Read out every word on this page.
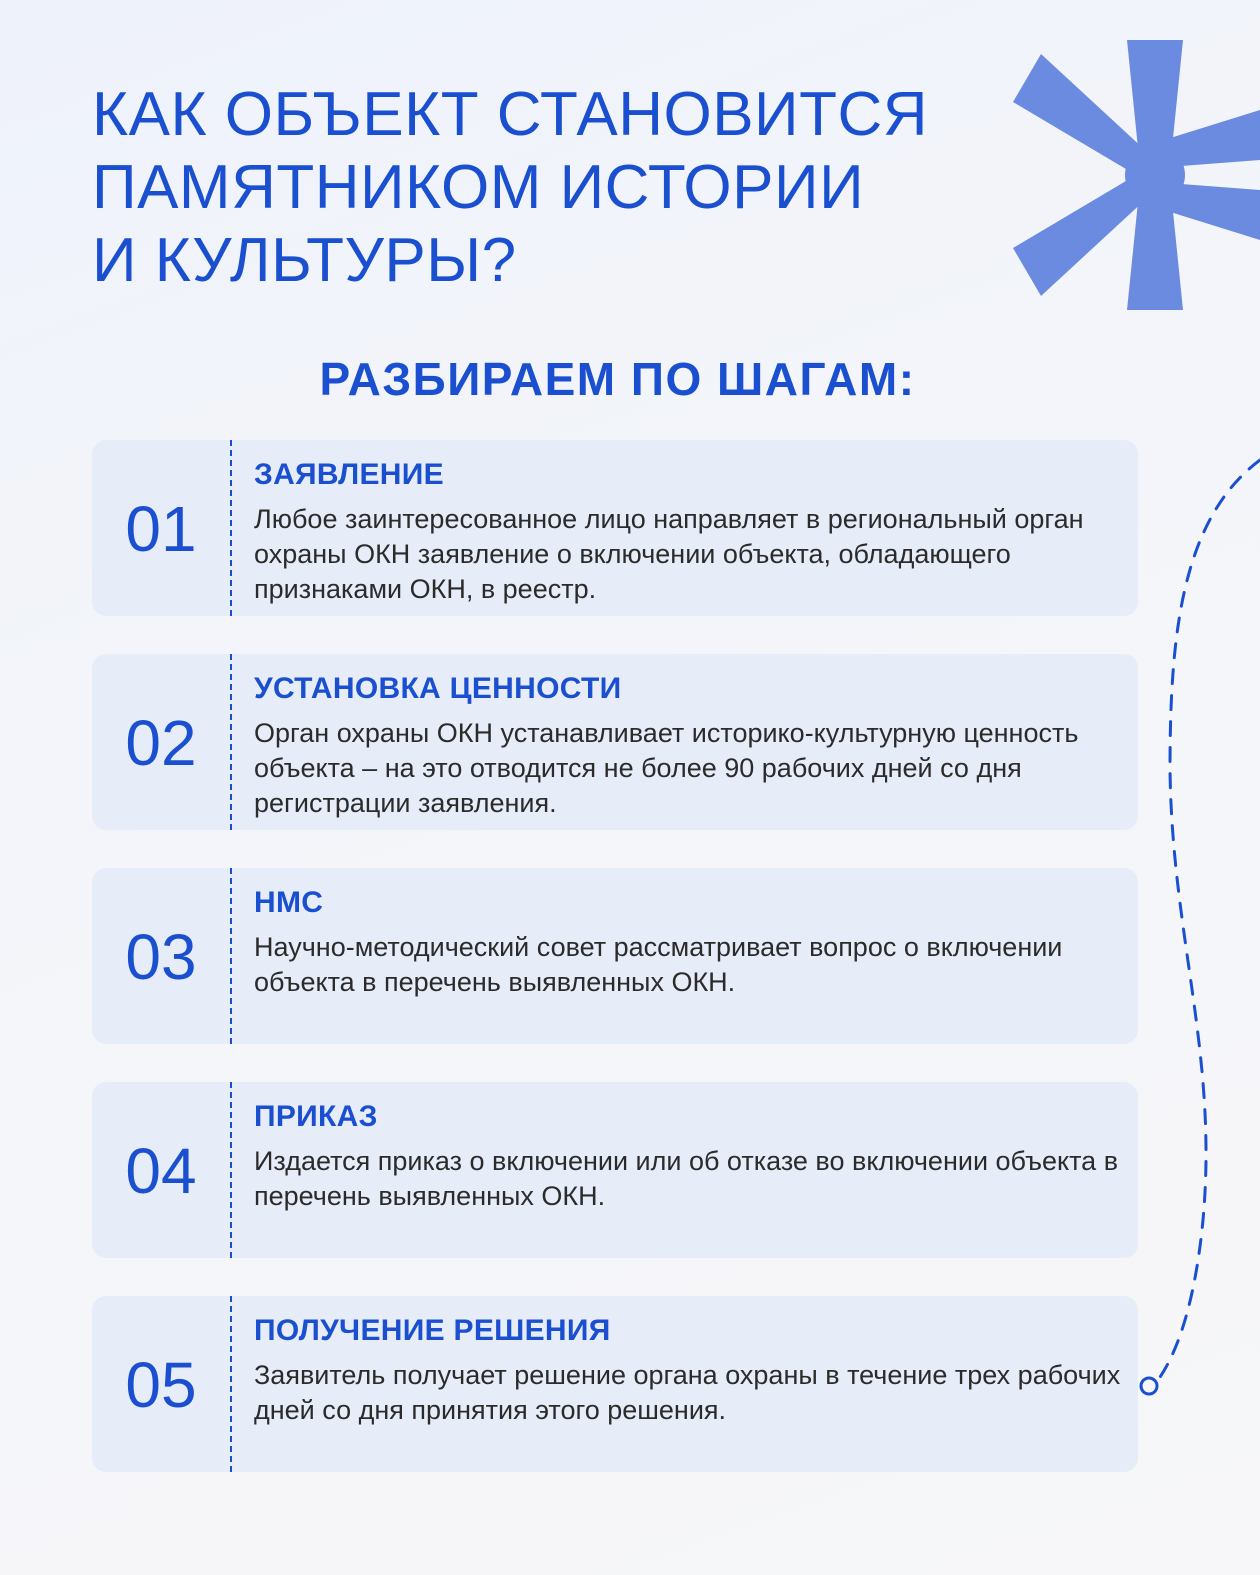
КАК ОБЪЕКТ СТАНОВИТСЯ
ПАМЯТНИКОМ ИСТОРИИ
И КУЛЬТУРЫ?
РАЗБИРАЕМ ПО ШАГАМ:
01
ЗАЯВЛЕНИЕ
Любое заинтересованное лицо направляет в региональный орган охраны ОКН заявление о включении объекта, обладающего признаками ОКН, в реестр.
02
УСТАНОВКА ЦЕННОСТИ
Орган охраны ОКН устанавливает историко-культурную ценность объекта – на это отводится не более 90 рабочих дней со дня регистрации заявления.
03
НМС
Научно-методический совет рассматривает вопрос о включении объекта в перечень выявленных ОКН.
04
ПРИКАЗ
Издается приказ о включении или об отказе во включении объекта в перечень выявленных ОКН.
05
ПОЛУЧЕНИЕ РЕШЕНИЯ
Заявитель получает решение органа охраны в течение трех рабочих дней со дня принятия этого решения.
